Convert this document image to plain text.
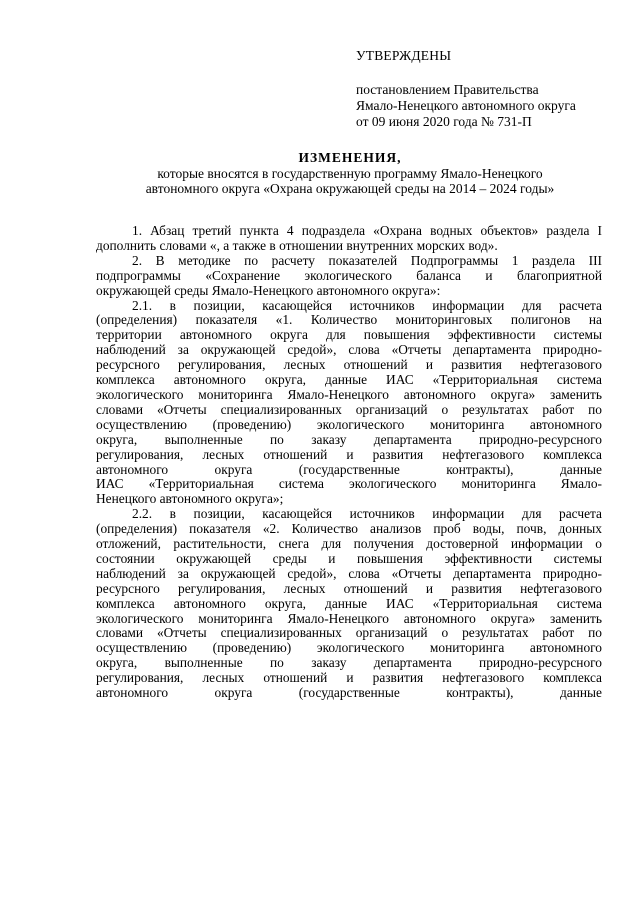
УТВЕРЖДЕНЫ
постановлением Правительства
Ямало-Ненецкого автономного округа
от 09 июня 2020 года № 731-П
ИЗМЕНЕНИЯ,
которые вносятся в государственную программу Ямало-Ненецкого
автономного округа «Охрана окружающей среды на 2014 – 2024 годы»
1. Абзац третий пункта 4 подраздела «Охрана водных объектов» раздела I
дополнить словами «, а также в отношении внутренних морских вод».
2. В методике по расчету показателей Подпрограммы 1 раздела III
подпрограммы «Сохранение экологического баланса и благоприятной
окружающей среды Ямало-Ненецкого автономного округа»:
2.1. в позиции, касающейся источников информации для расчета
(определения) показателя «1. Количество мониторинговых полигонов на
территории автономного округа для повышения эффективности системы
наблюдений за окружающей средой», слова «Отчеты департамента природно-
ресурсного регулирования, лесных отношений и развития нефтегазового
комплекса автономного округа, данные ИАС «Территориальная система
экологического мониторинга Ямало-Ненецкого автономного округа» заменить
словами «Отчеты специализированных организаций о результатах работ по
осуществлению (проведению) экологического мониторинга автономного
округа, выполненные по заказу департамента природно-ресурсного
регулирования, лесных отношений и развития нефтегазового комплекса
автономного округа (государственные контракты), данные
ИАС «Территориальная система экологического мониторинга Ямало-
Ненецкого автономного округа»;
2.2. в позиции, касающейся источников информации для расчета
(определения) показателя «2. Количество анализов проб воды, почв, донных
отложений, растительности, снега для получения достоверной информации о
состоянии окружающей среды и повышения эффективности системы
наблюдений за окружающей средой», слова «Отчеты департамента природно-
ресурсного регулирования, лесных отношений и развития нефтегазового
комплекса автономного округа, данные ИАС «Территориальная система
экологического мониторинга Ямало-Ненецкого автономного округа» заменить
словами «Отчеты специализированных организаций о результатах работ по
осуществлению (проведению) экологического мониторинга автономного
округа, выполненные по заказу департамента природно-ресурсного
регулирования, лесных отношений и развития нефтегазового комплекса
автономного округа (государственные контракты), данные
